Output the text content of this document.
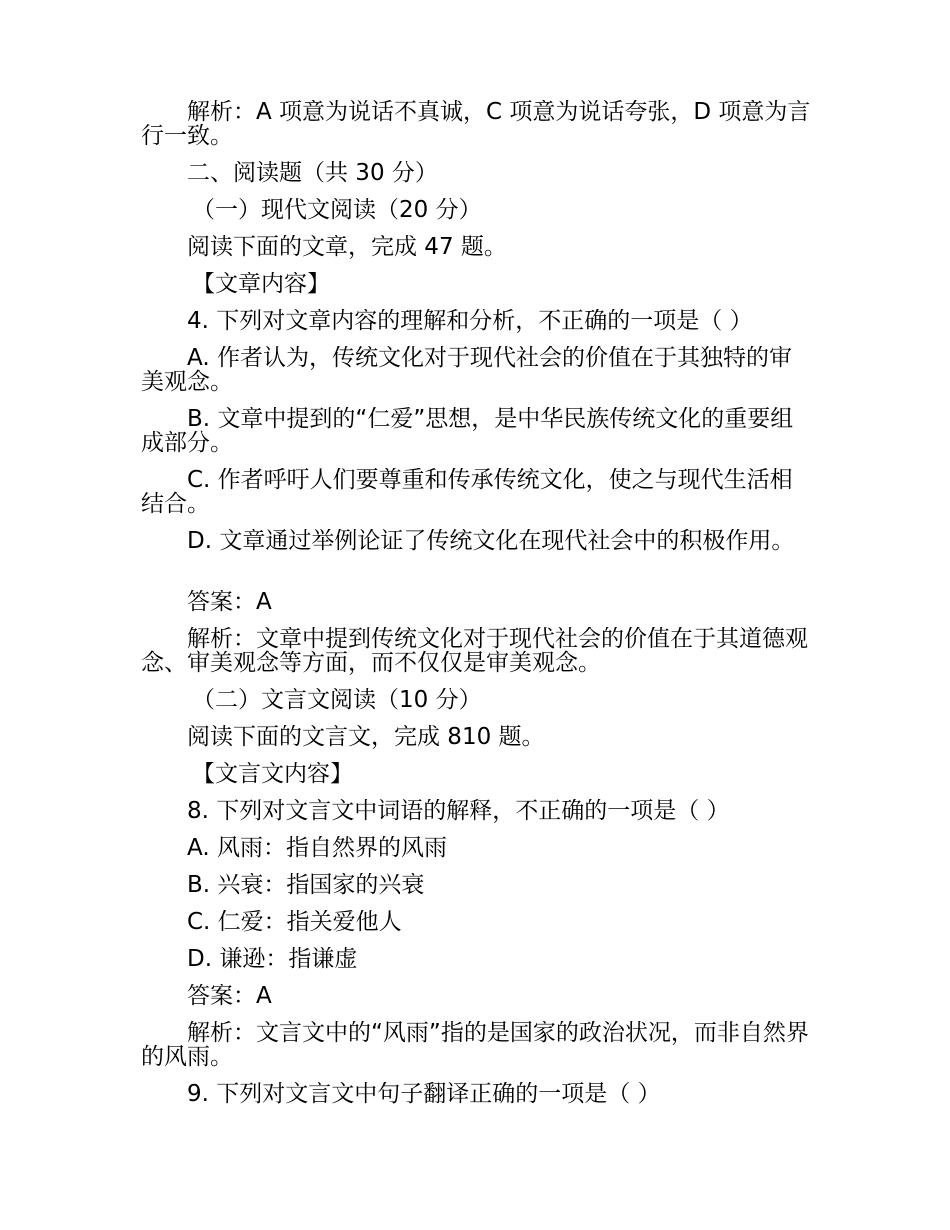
解析：A 项意为说话不真诚，C 项意为说话夸张，D 项意为言行一致。

二、阅读题（共 30 分）

（一）现代文阅读（20 分）

阅读下面的文章，完成 47 题。

【文章内容】

4. 下列对文章内容的理解和分析，不正确的一项是（ ）

A. 作者认为，传统文化对于现代社会的价值在于其独特的审美观念。

B. 文章中提到的“仁爱”思想，是中华民族传统文化的重要组成部分。

C. 作者呼吁人们要尊重和传承传统文化，使之与现代生活相结合。

D. 文章通过举例论证了传统文化在现代社会中的积极作用。

答案：A

解析：文章中提到传统文化对于现代社会的价值在于其道德观念、审美观念等方面，而不仅仅是审美观念。

（二）文言文阅读（10 分）

阅读下面的文言文，完成 810 题。

【文言文内容】

8. 下列对文言文中词语的解释，不正确的一项是（ ）

A. 风雨：指自然界的风雨

B. 兴衰：指国家的兴衰

C. 仁爱：指关爱他人

D. 谦逊：指谦虚

答案：A

解析：文言文中的“风雨”指的是国家的政治状况，而非自然界的风雨。

9. 下列对文言文中句子翻译正确的一项是（ ）
